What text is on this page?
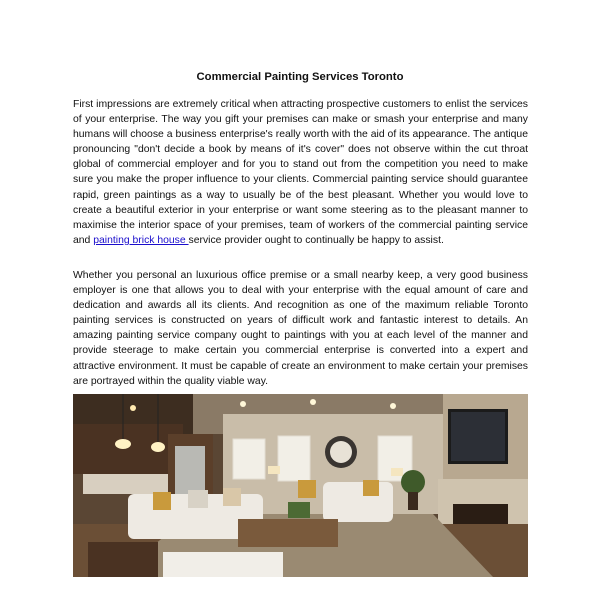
Commercial Painting Services Toronto

First impressions are extremely critical when attracting prospective customers to enlist the services of your enterprise. The way you gift your premises can make or smash your enterprise and many humans will choose a business enterprise's really worth with the aid of its appearance. The antique pronouncing "don't decide a book by means of it's cover" does not observe within the cut throat global of commercial employer and for you to stand out from the competition you need to make sure you make the proper influence to your clients. Commercial painting service should guarantee rapid, green paintings as a way to usually be of the best pleasant. Whether you would love to create a beautiful exterior in your enterprise or want some steering as to the pleasant manner to maximise the interior space of your premises, team of workers of the commercial painting service and painting brick house service provider ought to continually be happy to assist.

Whether you personal an luxurious office premise or a small nearby keep, a very good business employer is one that allows you to deal with your enterprise with the equal amount of care and dedication and awards all its clients. And recognition as one of the maximum reliable Toronto painting services is constructed on years of difficult work and fantastic interest to details. An amazing painting service company ought to paintings with you at each level of the manner and provide steerage to make certain you commercial enterprise is converted into a expert and attractive environment. It must be capable of create an environment to make certain your premises are portrayed within the quality viable way.
